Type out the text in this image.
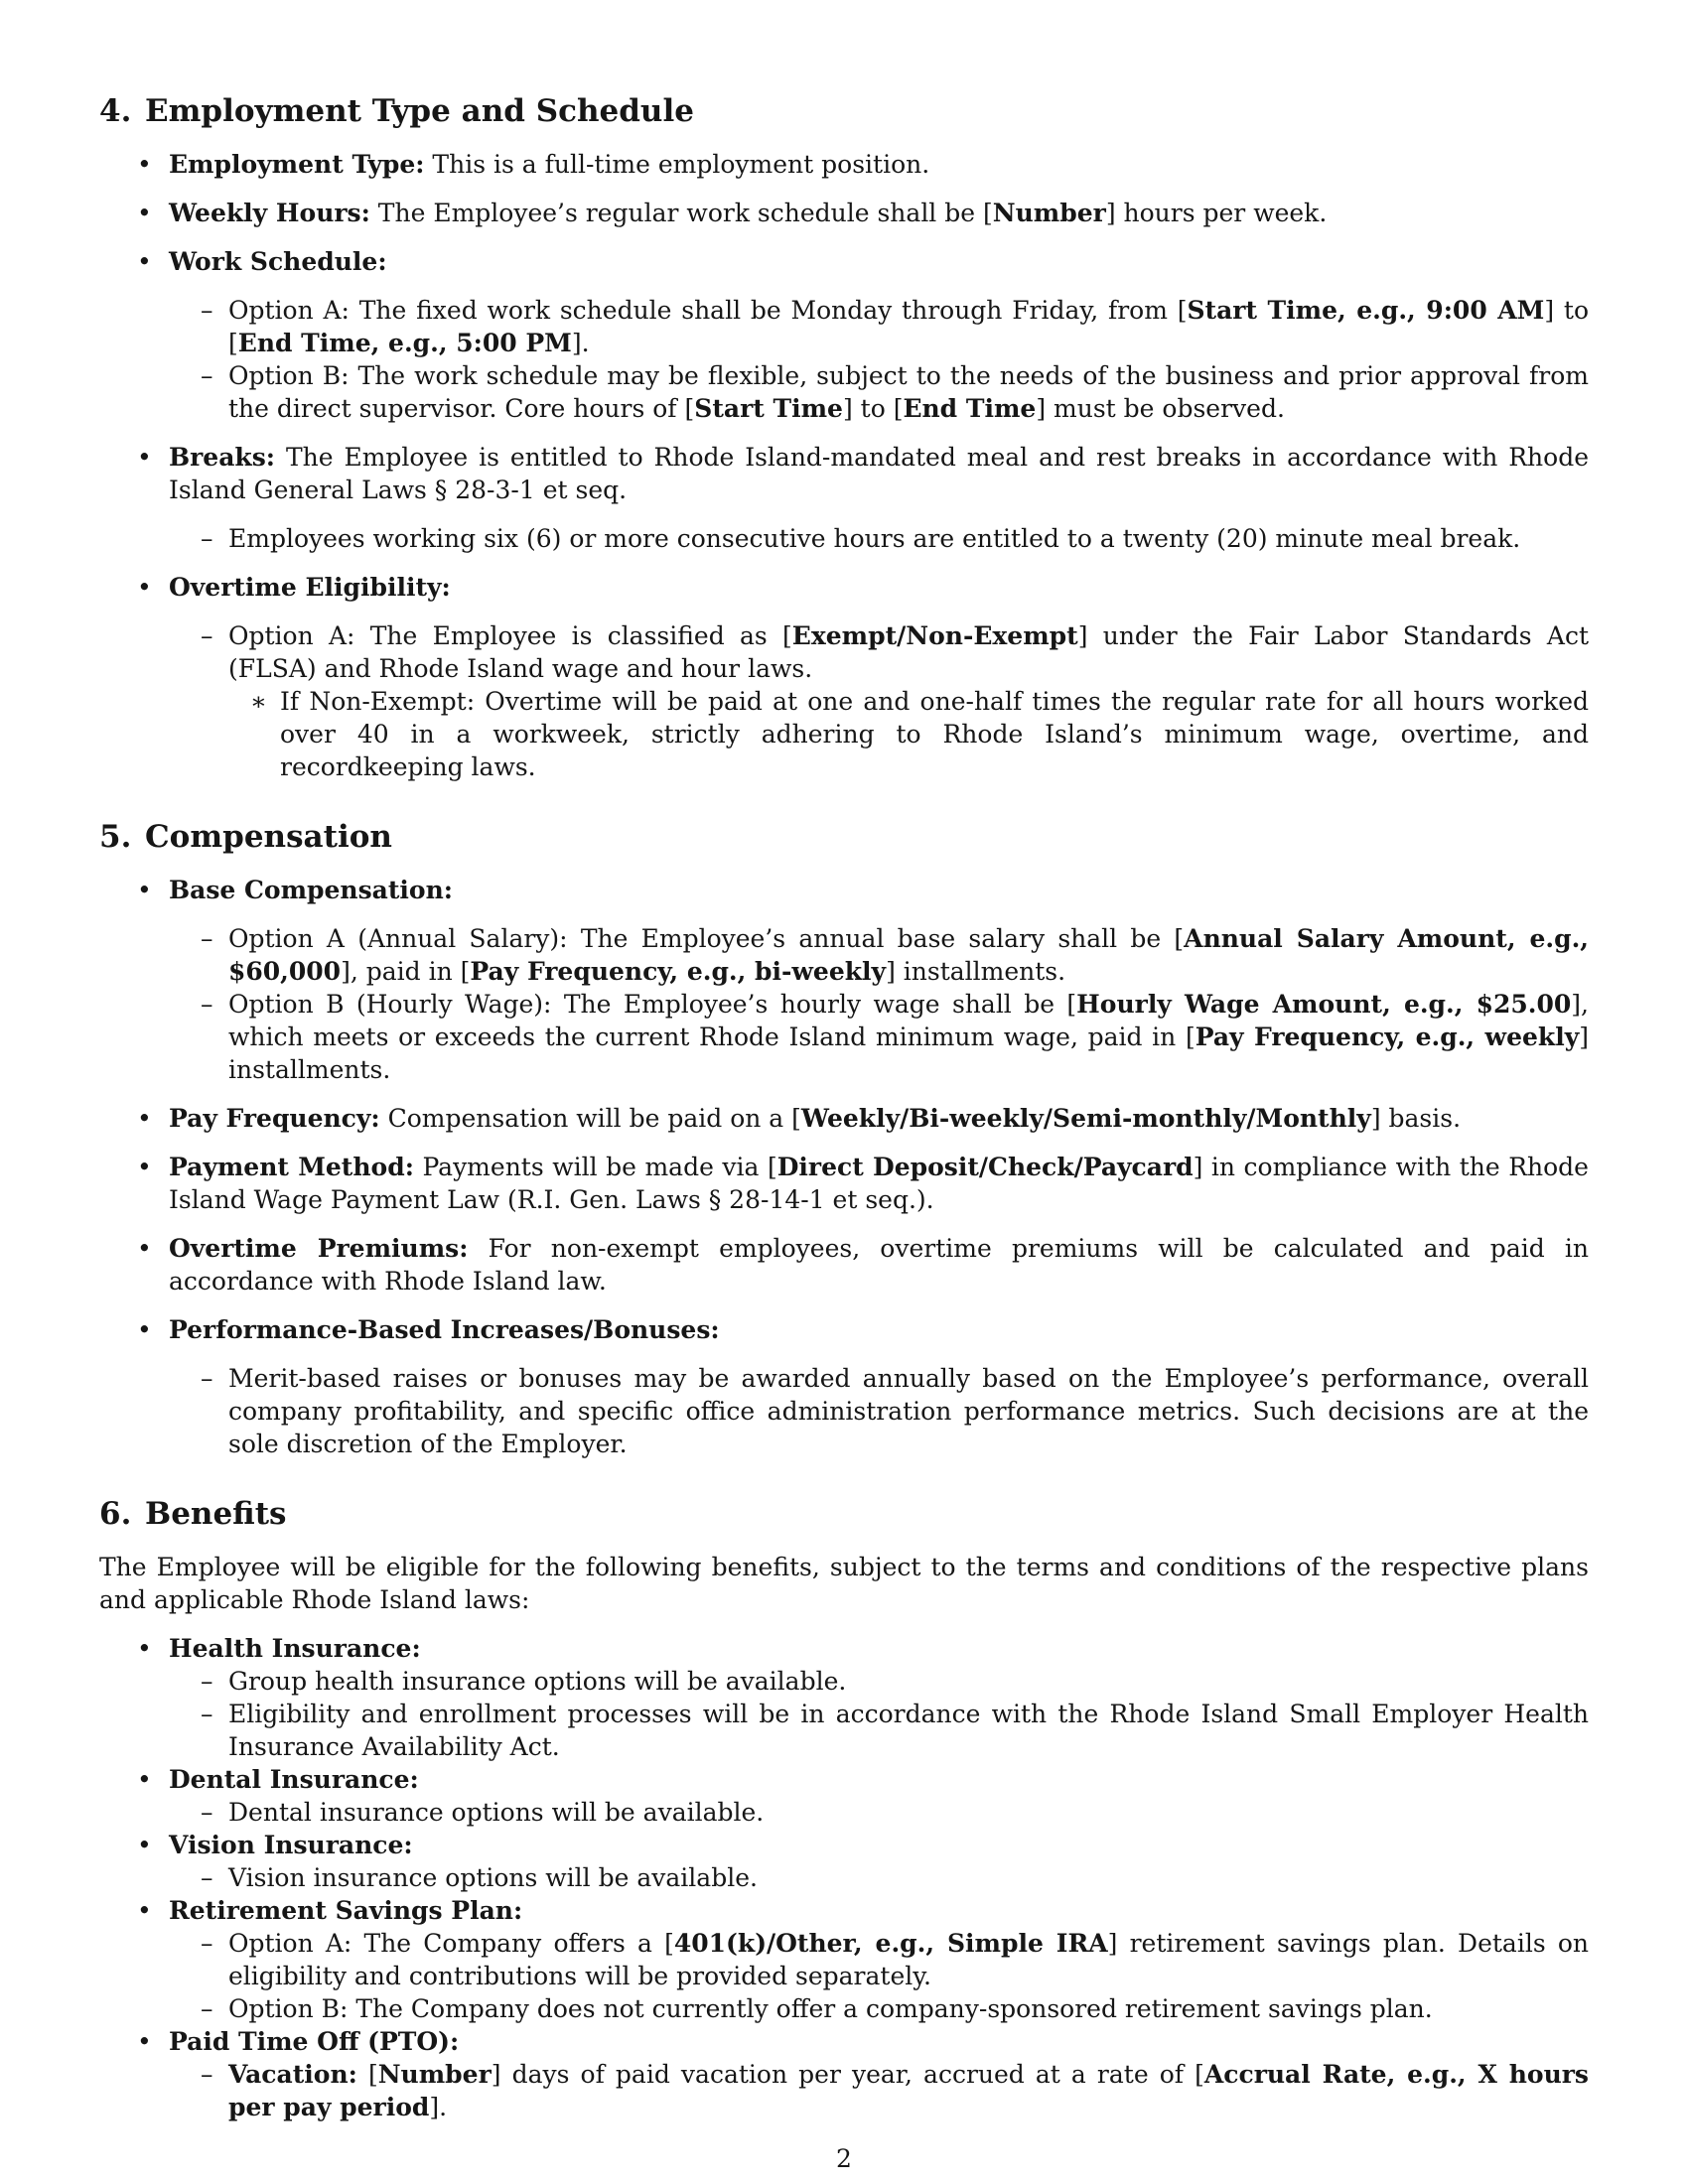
4. Employment Type and Schedule
• Employment Type: This is a full-time employment position.
• Weekly Hours: The Employee’s regular work schedule shall be [Number] hours per week.
• Work Schedule:
– Option A: The fixed work schedule shall be Monday through Friday, from [Start Time, e.g., 9:00 AM] to [End Time, e.g., 5:00 PM].
– Option B: The work schedule may be flexible, subject to the needs of the business and prior approval from the direct supervisor. Core hours of [Start Time] to [End Time] must be observed.
• Breaks: The Employee is entitled to Rhode Island-mandated meal and rest breaks in accordance with Rhode Island General Laws § 28-3-1 et seq.
– Employees working six (6) or more consecutive hours are entitled to a twenty (20) minute meal break.
• Overtime Eligibility:
– Option A: The Employee is classified as [Exempt/Non-Exempt] under the Fair Labor Standards Act (FLSA) and Rhode Island wage and hour laws.
∗ If Non-Exempt: Overtime will be paid at one and one-half times the regular rate for all hours worked over 40 in a workweek, strictly adhering to Rhode Island’s minimum wage, overtime, and recordkeeping laws.
5. Compensation
• Base Compensation:
– Option A (Annual Salary): The Employee’s annual base salary shall be [Annual Salary Amount, e.g., $60,000], paid in [Pay Frequency, e.g., bi-weekly] installments.
– Option B (Hourly Wage): The Employee’s hourly wage shall be [Hourly Wage Amount, e.g., $25.00], which meets or exceeds the current Rhode Island minimum wage, paid in [Pay Frequency, e.g., weekly] installments.
• Pay Frequency: Compensation will be paid on a [Weekly/Bi-weekly/Semi-monthly/Monthly] basis.
• Payment Method: Payments will be made via [Direct Deposit/Check/Paycard] in compliance with the Rhode Island Wage Payment Law (R.I. Gen. Laws § 28-14-1 et seq.).
• Overtime Premiums: For non-exempt employees, overtime premiums will be calculated and paid in accordance with Rhode Island law.
• Performance-Based Increases/Bonuses:
– Merit-based raises or bonuses may be awarded annually based on the Employee’s performance, overall company profitability, and specific office administration performance metrics. Such decisions are at the sole discretion of the Employer.
6. Benefits

The Employee will be eligible for the following benefits, subject to the terms and conditions of the respective plans and applicable Rhode Island laws:

• Health Insurance:
– Group health insurance options will be available.
– Eligibility and enrollment processes will be in accordance with the Rhode Island Small Employer Health Insurance Availability Act.
• Dental Insurance:
– Dental insurance options will be available.
• Vision Insurance:
– Vision insurance options will be available.
• Retirement Savings Plan:
– Option A: The Company offers a [401(k)/Other, e.g., Simple IRA] retirement savings plan. Details on eligibility and contributions will be provided separately.
– Option B: The Company does not currently offer a company-sponsored retirement savings plan.
• Paid Time Off (PTO):
– Vacation: [Number] days of paid vacation per year, accrued at a rate of [Accrual Rate, e.g., X hours per pay period].
2
